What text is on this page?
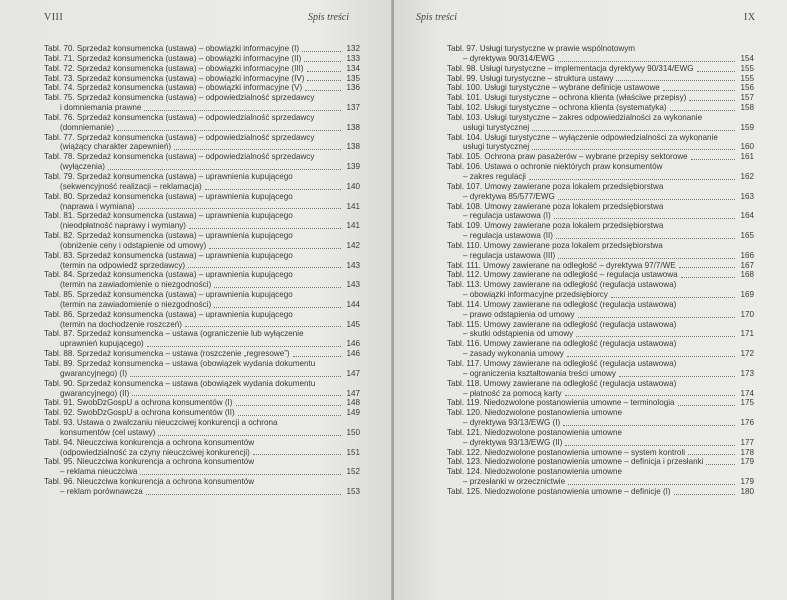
VIII	Spis treści
Tabl. 70. Sprzedaż konsumencka (ustawa) – obowiązki informacyjne (I)	132
Tabl. 71. Sprzedaż konsumencka (ustawa) – obowiązki informacyjne (II)	133
Tabl. 72. Sprzedaż konsumencka (ustawa) – obowiązki informacyjne (III)	134
Tabl. 73. Sprzedaż konsumencka (ustawa) – obowiązki informacyjne (IV)	135
Tabl. 74. Sprzedaż konsumencka (ustawa) – obowiązki informacyjne (V)	136
Tabl. 75. Sprzedaż konsumencka (ustawa) – odpowiedzialność sprzedawcy
i domniemania prawne	137
Tabl. 76. Sprzedaż konsumencka (ustawa) – odpowiedzialność sprzedawcy
(domniemanie)	138
Tabl. 77. Sprzedaż konsumencka (ustawa) – odpowiedzialność sprzedawcy
(wiążący charakter zapewnień)	138
Tabl. 78. Sprzedaż konsumencka (ustawa) – odpowiedzialność sprzedawcy
(wyłączenia)	139
Tabl. 79. Sprzedaż konsumencka (ustawa) – uprawnienia kupującego
(sekwencyjność realizacji – reklamacja)	140
Tabl. 80. Sprzedaż konsumencka (ustawa) – uprawnienia kupującego
(naprawa i wymiana)	141
Tabl. 81. Sprzedaż konsumencka (ustawa) – uprawnienia kupującego
(nieodpłatność naprawy i wymiany)	141
Tabl. 82. Sprzedaż konsumencka (ustawa) – uprawnienia kupującego
(obniżenie ceny i odstąpienie od umowy)	142
Tabl. 83. Sprzedaż konsumencka (ustawa) – uprawnienia kupującego
(termin na odpowiedź sprzedawcy)	143
Tabl. 84. Sprzedaż konsumencka (ustawa) – uprawnienia kupującego
(termin na zawiadomienie o niezgodności)	143
Tabl. 85. Sprzedaż konsumencka (ustawa) – uprawnienia kupującego
(termin na zawiadomienie o niezgodności)	144
Tabl. 86. Sprzedaż konsumencka (ustawa) – uprawnienia kupującego
(termin na dochodzenie roszczeń)	145
Tabl. 87. Sprzedaż konsumencka – ustawa (ograniczenie lub wyłączenie
uprawnień kupującego)	146
Tabl. 88. Sprzedaż konsumencka – ustawa (roszczenie „regresowe”)	146
Tabl. 89. Sprzedaż konsumencka – ustawa (obowiązek wydania dokumentu
gwarancyjnego) (I)	147
Tabl. 90. Sprzedaż konsumencka – ustawa (obowiązek wydania dokumentu
gwarancyjnego) (II)	147
Tabl. 91. SwobDzGospU a ochrona konsumentów (I)	148
Tabl. 92. SwobDzGospU a ochrona konsumentów (II)	149
Tabl. 93. Ustawa o zwalczaniu nieuczciwej konkurencji a ochrona
konsumentów (cel ustawy)	150
Tabl. 94. Nieuczciwa konkurencja a ochrona konsumentów
(odpowiedzialność za czyny nieuczciwej konkurencji)	151
Tabl. 95. Nieuczciwa konkurencja a ochrona konsumentów
– reklama nieuczciwa	152
Tabl. 96. Nieuczciwa konkurencja a ochrona konsumentów
– reklam porównawcza	153
Spis treści	IX
Tabl. 97. Usługi turystyczne w prawie wspólnotowym
– dyrektywa 90/314/EWG	154
Tabl. 98. Usługi turystyczne – implementacja dyrektywy 90/314/EWG	155
Tabl. 99. Usługi turystyczne – struktura ustawy	155
Tabl. 100. Usługi turystyczne – wybrane definicje ustawowe	156
Tabl. 101. Usługi turystyczne – ochrona klienta (właściwe przepisy)	157
Tabl. 102. Usługi turystyczne – ochrona klienta (systematyka)	158
Tabl. 103. Usługi turystyczne – zakres odpowiedzialności za wykonanie
usługi turystycznej	159
Tabl. 104. Usługi turystyczne – wyłączenie odpowiedzialności za wykonanie
usługi turystycznej	160
Tabl. 105. Ochrona praw pasażerów – wybrane przepisy sektorowe	161
Tabl. 106. Ustawa o ochronie niektórych praw konsumentów
– zakres regulacji	162
Tabl. 107. Umowy zawierane poza lokalem przedsiębiorstwa
– dyrektywa 85/577/EWG	163
Tabl. 108. Umowy zawierane poza lokalem przedsiębiorstwa
– regulacja ustawowa (I)	164
Tabl. 109. Umowy zawierane poza lokalem przedsiębiorstwa
– regulacja ustawowa (II)	165
Tabl. 110. Umowy zawierane poza lokalem przedsiębiorstwa
– regulacja ustawowa (III)	166
Tabl. 111. Umowy zawierane na odległość – dyrektywa 97/7/WE	167
Tabl. 112. Umowy zawierane na odległość – regulacja ustawowa	168
Tabl. 113. Umowy zawierane na odległość (regulacja ustawowa)
– obowiązki informacyjne przedsiębiorcy	169
Tabl. 114. Umowy zawierane na odległość (regulacja ustawowa)
– prawo odstąpienia od umowy	170
Tabl. 115. Umowy zawierane na odległość (regulacja ustawowa)
– skutki odstąpienia od umowy	171
Tabl. 116. Umowy zawierane na odległość (regulacja ustawowa)
– zasady wykonania umowy	172
Tabl. 117. Umowy zawierane na odległość (regulacja ustawowa)
– ograniczenia kształtowania treści umowy	173
Tabl. 118. Umowy zawierane na odległość (regulacja ustawowa)
– płatność za pomocą karty	174
Tabl. 119. Niedozwolone postanowienia umowne – terminologia	175
Tabl. 120. Niedozwolone postanowienia umowne
– dyrektywa 93/13/EWG (I)	176
Tabl. 121. Niedozwolone postanowienia umowne
– dyrektywa 93/13/EWG (II)	177
Tabl. 122. Niedozwolone postanowienia umowne – system kontroli	178
Tabl. 123. Niedozwolone postanowienia umowne – definicja i przesłanki	179
Tabl. 124. Niedozwolone postanowienia umowne
– przesłanki w orzecznictwie	179
Tabl. 125. Niedozwolone postanowienia umowne – definicje (I)	180
